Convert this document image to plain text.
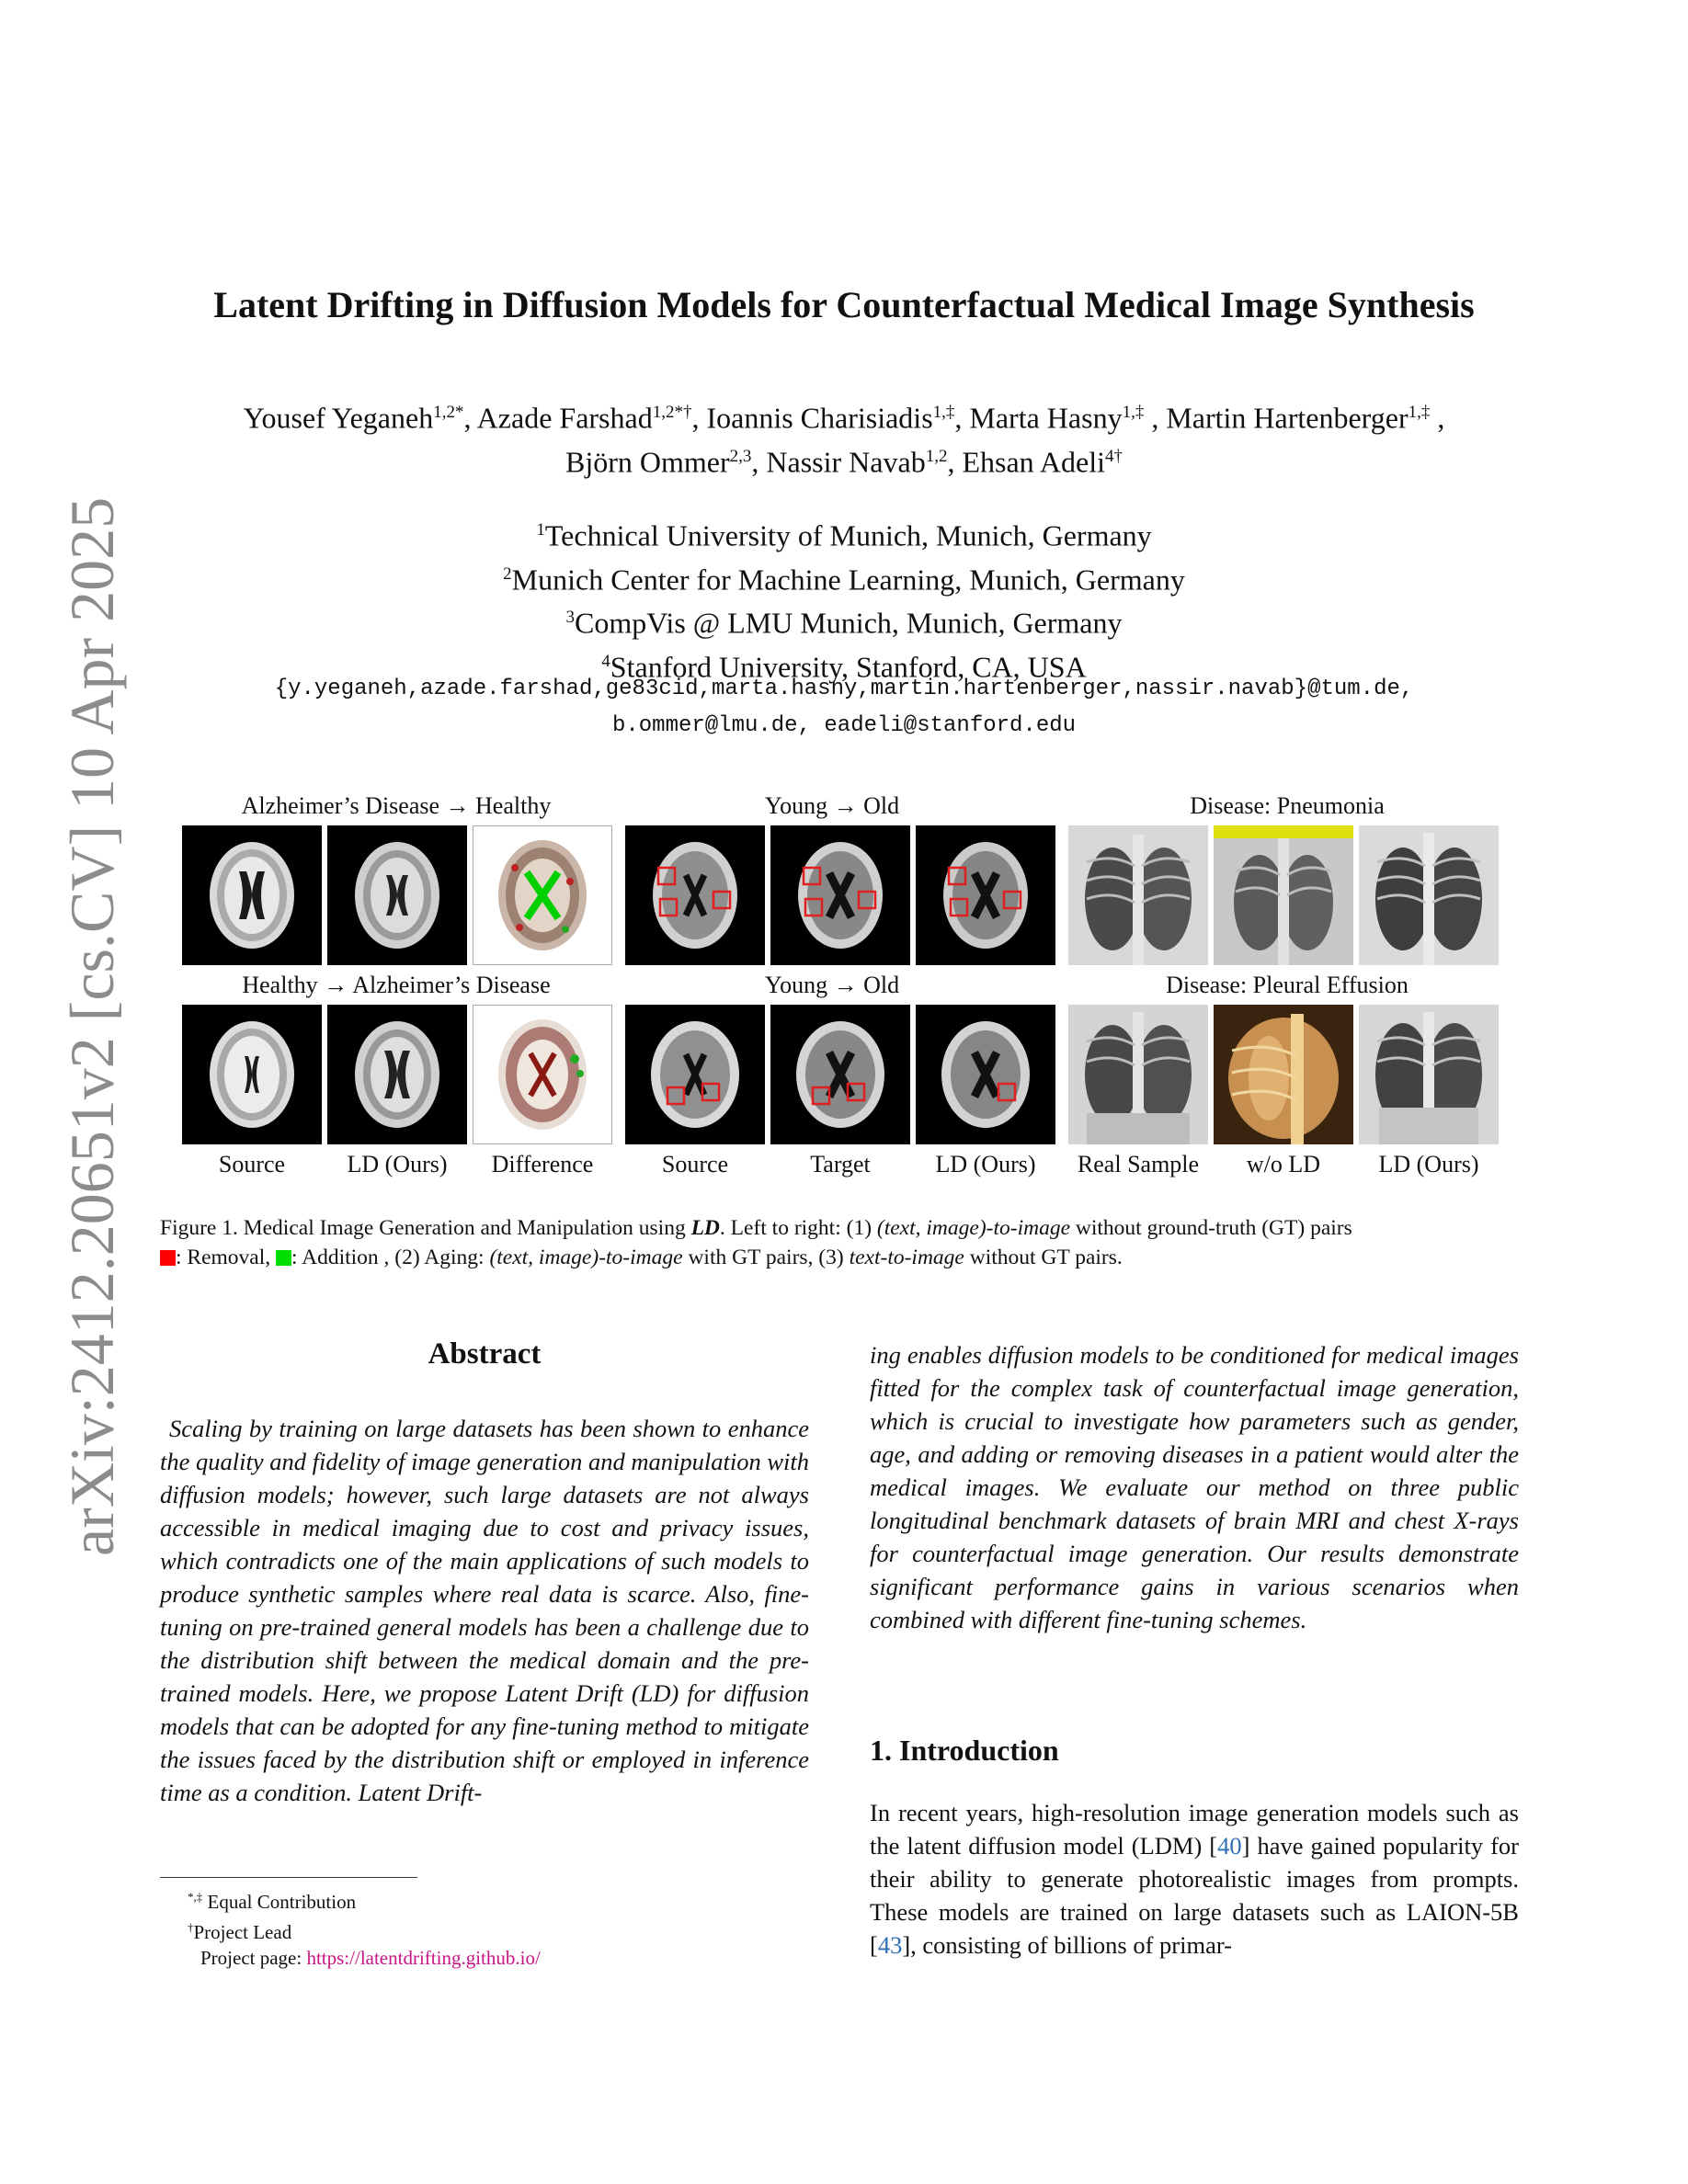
arXiv:2412.20651v2 [cs.CV] 10 Apr 2025
Latent Drifting in Diffusion Models for Counterfactual Medical Image Synthesis
Yousef Yeganeh$^{1,2*}$, Azade Farshad$^{1,2*\dagger}$, Ioannis Charisiadis$^{1,\ddagger}$, Marta Hasny$^{1,\ddagger}$ , Martin Hartenberger$^{1,\ddagger}$ ,
Björn Ommer$^{2,3}$, Nassir Navab$^{1,2}$, Ehsan Adeli$^{4\dagger}$
$^1$Technical University of Munich, Munich, Germany
$^2$Munich Center for Machine Learning, Munich, Germany
$^3$CompVis @ LMU Munich, Munich, Germany
$^4$Stanford University, Stanford, CA, USA
{y.yeganeh,azade.farshad,ge83cid,marta.hasny,martin.hartenberger,nassir.navab}@tum.de,
b.ommer@lmu.de, eadeli@stanford.edu
Alzheimer’s Disease → Healthy	Young → Old	Disease: Pneumonia
Healthy → Alzheimer’s Disease	Young → Old	Disease: Pleural Effusion
Source	LD (Ours)	Difference	Source	Target	LD (Ours)	Real Sample	w/o LD	LD (Ours)
Figure 1. Medical Image Generation and Manipulation using LD. Left to right: (1) (text, image)-to-image without ground-truth (GT) pairs
: Removal, : Addition , (2) Aging: (text, image)-to-image with GT pairs, (3) text-to-image without GT pairs.
Abstract
Scaling by training on large datasets has been shown to enhance the quality and fidelity of image generation and manipulation with diffusion models; however, such large datasets are not always accessible in medical imaging due to cost and privacy issues, which contradicts one of the main applications of such models to produce synthetic samples where real data is scarce. Also, fine-tuning on pre-trained general models has been a challenge due to the distribution shift between the medical domain and the pre-trained models. Here, we propose Latent Drift (LD) for diffusion models that can be adopted for any fine-tuning method to mitigate the issues faced by the distribution shift or employed in inference time as a condition. Latent Drift-
*,‡ Equal Contribution
†Project Lead
Project page: https://latentdrifting.github.io/
ing enables diffusion models to be conditioned for medical images fitted for the complex task of counterfactual image generation, which is crucial to investigate how parameters such as gender, age, and adding or removing diseases in a patient would alter the medical images. We evaluate our method on three public longitudinal benchmark datasets of brain MRI and chest X-rays for counterfactual image generation. Our results demonstrate significant performance gains in various scenarios when combined with different fine-tuning schemes.
1. Introduction
In recent years, high-resolution image generation models such as the latent diffusion model (LDM) [40] have gained popularity for their ability to generate photorealistic images from prompts. These models are trained on large datasets such as LAION-5B [43], consisting of billions of primar-
